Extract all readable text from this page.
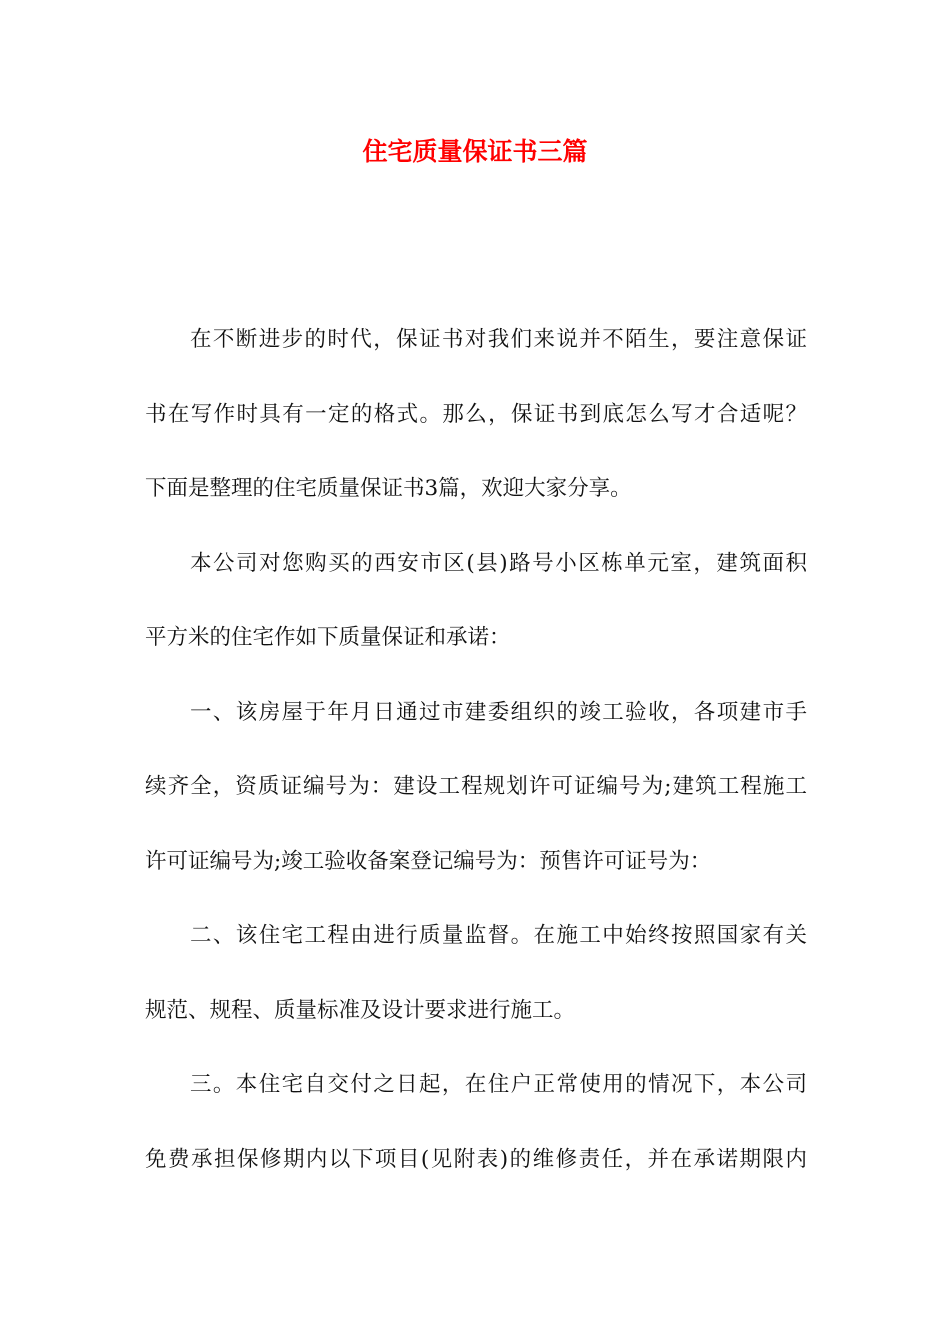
住宅质量保证书三篇
在不断进步的时代，保证书对我们来说并不陌生，要注意保证
书在写作时具有一定的格式。那么，保证书到底怎么写才合适呢？
下面是整理的住宅质量保证书3篇，欢迎大家分享。
本公司对您购买的西安市区(县)路号小区栋单元室，建筑面积
平方米的住宅作如下质量保证和承诺：
一、该房屋于年月日通过市建委组织的竣工验收，各项建市手
续齐全，资质证编号为：建设工程规划许可证编号为;建筑工程施工
许可证编号为;竣工验收备案登记编号为：预售许可证号为：
二、该住宅工程由进行质量监督。在施工中始终按照国家有关
规范、规程、质量标准及设计要求进行施工。
三。本住宅自交付之日起，在住户正常使用的情况下，本公司
免费承担保修期内以下项目(见附表)的维修责任，并在承诺期限内
